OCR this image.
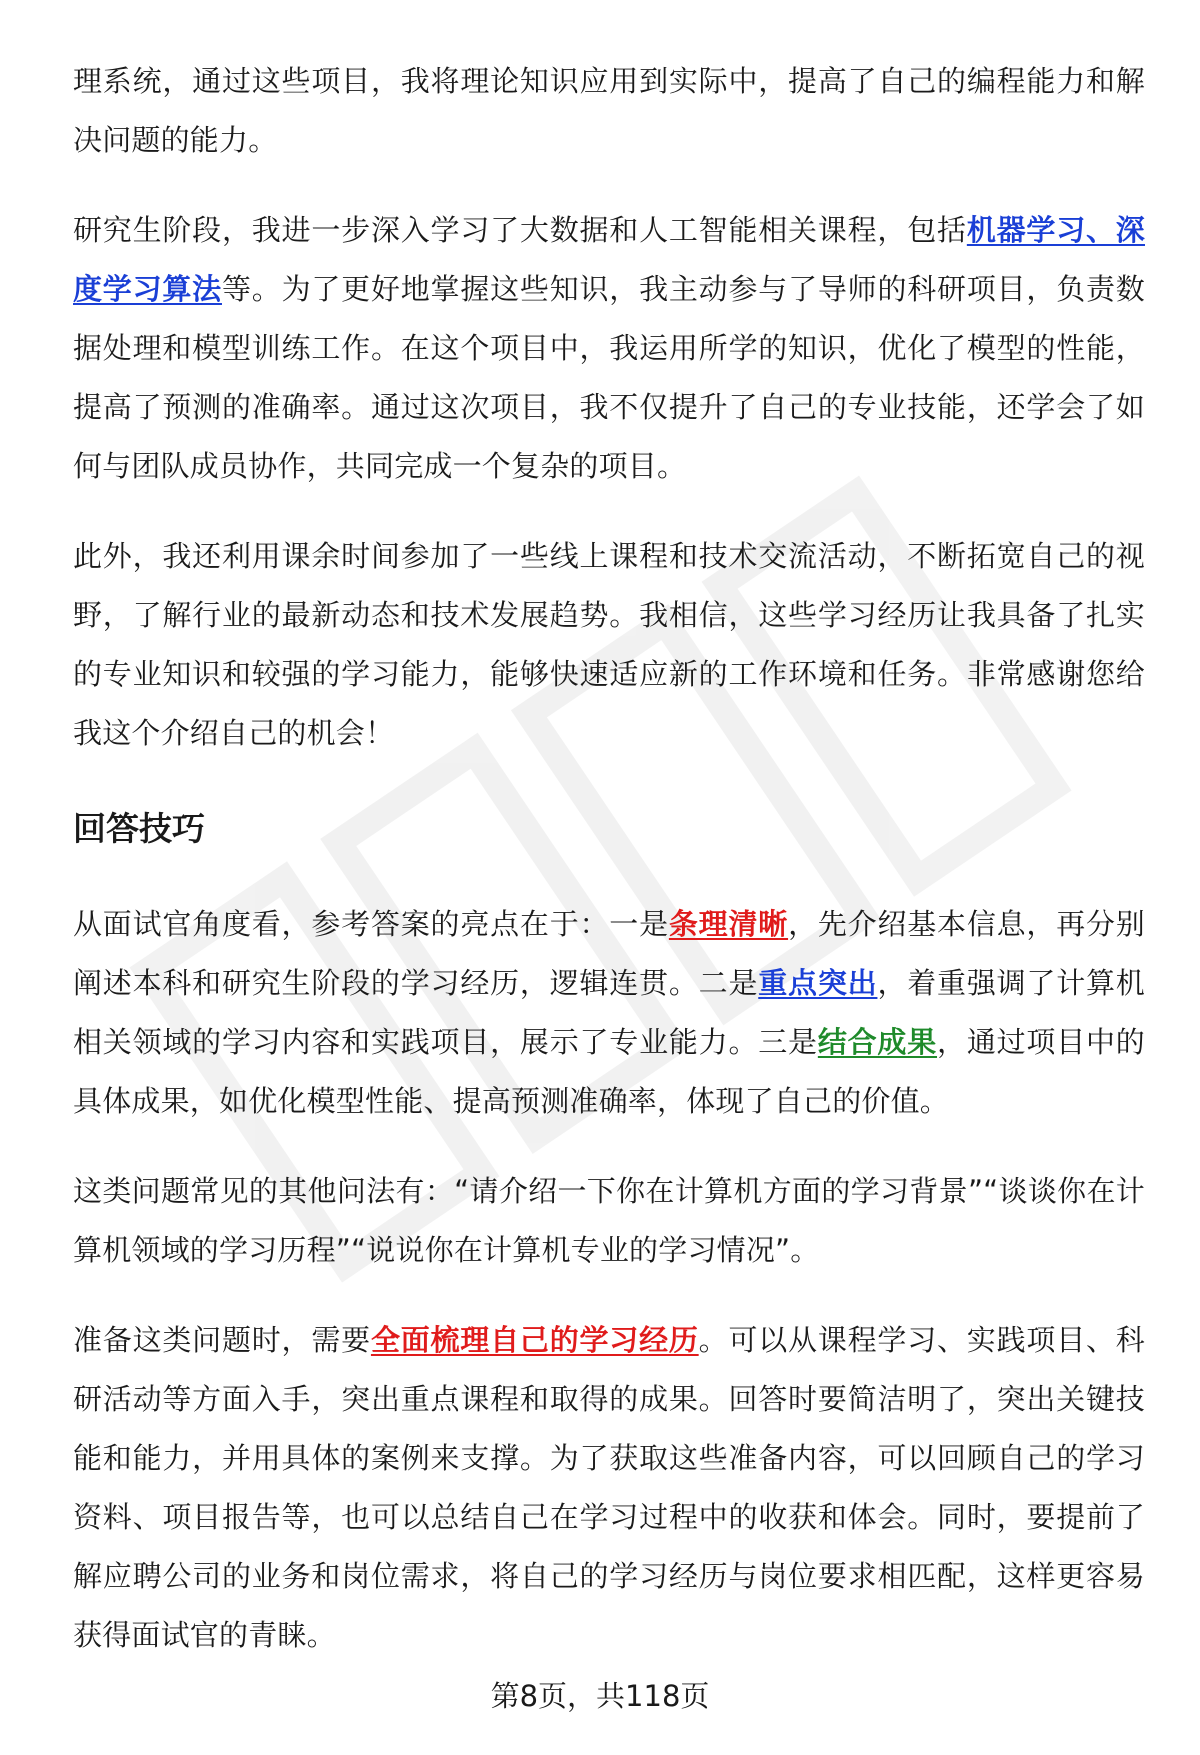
理系统，通过这些项目，我将理论知识应用到实际中，提高了自己的编程能力和解决问题的能力。

研究生阶段，我进一步深入学习了大数据和人工智能相关课程，包括机器学习、深度学习算法等。为了更好地掌握这些知识，我主动参与了导师的科研项目，负责数据处理和模型训练工作。在这个项目中，我运用所学的知识，优化了模型的性能，提高了预测的准确率。通过这次项目，我不仅提升了自己的专业技能，还学会了如何与团队成员协作，共同完成一个复杂的项目。

此外，我还利用课余时间参加了一些线上课程和技术交流活动，不断拓宽自己的视野，了解行业的最新动态和技术发展趋势。我相信，这些学习经历让我具备了扎实的专业知识和较强的学习能力，能够快速适应新的工作环境和任务。非常感谢您给我这个介绍自己的机会！

回答技巧

从面试官角度看，参考答案的亮点在于：一是条理清晰，先介绍基本信息，再分别阐述本科和研究生阶段的学习经历，逻辑连贯。二是重点突出，着重强调了计算机相关领域的学习内容和实践项目，展示了专业能力。三是结合成果，通过项目中的具体成果，如优化模型性能、提高预测准确率，体现了自己的价值。

这类问题常见的其他问法有：“请介绍一下你在计算机方面的学习背景”“谈谈你在计算机领域的学习历程”“说说你在计算机专业的学习情况”。

准备这类问题时，需要全面梳理自己的学习经历。可以从课程学习、实践项目、科研活动等方面入手，突出重点课程和取得的成果。回答时要简洁明了，突出关键技能和能力，并用具体的案例来支撑。为了获取这些准备内容，可以回顾自己的学习资料、项目报告等，也可以总结自己在学习过程中的收获和体会。同时，要提前了解应聘公司的业务和岗位需求，将自己的学习经历与岗位要求相匹配，这样更容易获得面试官的青睐。

第8页，共118页
